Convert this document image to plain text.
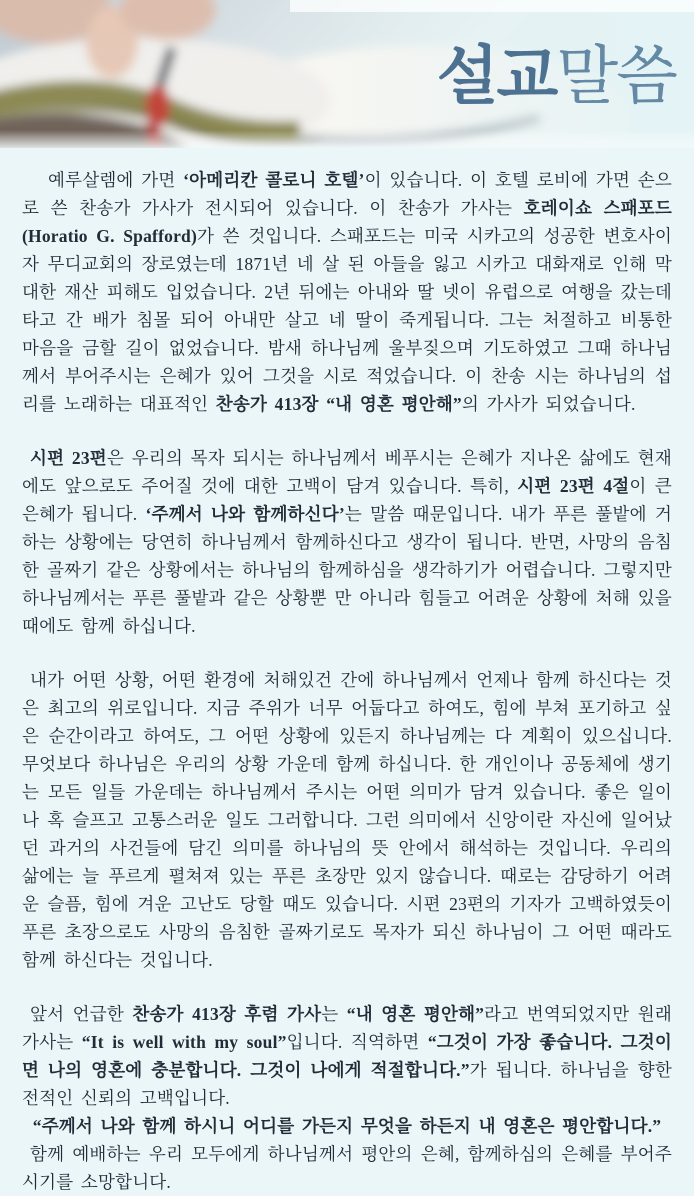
설교말씀

예루살렘에 가면 ‘아메리칸 콜로니 호텔’이 있습니다. 이 호텔 로비에 가면 손으로 쓴 찬송가 가사가 전시되어 있습니다. 이 찬송가 가사는 호레이쇼 스패포드(Horatio G. Spafford)가 쓴 것입니다. 스패포드는 미국 시카고의 성공한 변호사이자 무디교회의 장로였는데 1871년 네 살 된 아들을 잃고 시카고 대화재로 인해 막대한 재산 피해도 입었습니다. 2년 뒤에는 아내와 딸 넷이 유럽으로 여행을 갔는데 타고 간 배가 침몰 되어 아내만 살고 네 딸이 죽게됩니다. 그는 처절하고 비통한 마음을 금할 길이 없었습니다. 밤새 하나님께 울부짖으며 기도하였고 그때 하나님께서 부어주시는 은혜가 있어 그것을 시로 적었습니다. 이 찬송 시는 하나님의 섭리를 노래하는 대표적인 찬송가 413장 “내 영혼 평안해”의 가사가 되었습니다.

시편 23편은 우리의 목자 되시는 하나님께서 베푸시는 은혜가 지나온 삶에도 현재에도 앞으로도 주어질 것에 대한 고백이 담겨 있습니다. 특히, 시편 23편 4절이 큰 은혜가 됩니다. ‘주께서 나와 함께하신다’는 말씀 때문입니다. 내가 푸른 풀밭에 거하는 상황에는 당연히 하나님께서 함께하신다고 생각이 됩니다. 반면, 사망의 음침한 골짜기 같은 상황에서는 하나님의 함께하심을 생각하기가 어렵습니다. 그렇지만 하나님께서는 푸른 풀밭과 같은 상황뿐 만 아니라 힘들고 어려운 상황에 처해 있을 때에도 함께 하십니다.

내가 어떤 상황, 어떤 환경에 처해있건 간에 하나님께서 언제나 함께 하신다는 것은 최고의 위로입니다. 지금 주위가 너무 어둡다고 하여도, 힘에 부쳐 포기하고 싶은 순간이라고 하여도, 그 어떤 상황에 있든지 하나님께는 다 계획이 있으십니다. 무엇보다 하나님은 우리의 상황 가운데 함께 하십니다. 한 개인이나 공동체에 생기는 모든 일들 가운데는 하나님께서 주시는 어떤 의미가 담겨 있습니다. 좋은 일이나 혹 슬프고 고통스러운 일도 그러합니다. 그런 의미에서 신앙이란 자신에 일어났던 과거의 사건들에 담긴 의미를 하나님의 뜻 안에서 해석하는 것입니다. 우리의 삶에는 늘 푸르게 펼쳐져 있는 푸른 초장만 있지 않습니다. 때로는 감당하기 어려운 슬픔, 힘에 겨운 고난도 당할 때도 있습니다. 시편 23편의 기자가 고백하였듯이 푸른 초장으로도 사망의 음침한 골짜기로도 목자가 되신 하나님이 그 어떤 때라도 함께 하신다는 것입니다.

앞서 언급한 찬송가 413장 후렴 가사는 “내 영혼 평안해”라고 번역되었지만 원래 가사는 “It is well with my soul”입니다. 직역하면 “그것이 가장 좋습니다. 그것이면 나의 영혼에 충분합니다. 그것이 나에게 적절합니다.”가 됩니다. 하나님을 향한 전적인 신뢰의 고백입니다.

“주께서 나와 함께 하시니 어디를 가든지 무엇을 하든지 내 영혼은 평안합니다.”

함께 예배하는 우리 모두에게 하나님께서 평안의 은혜, 함께하심의 은혜를 부어주시기를 소망합니다.
